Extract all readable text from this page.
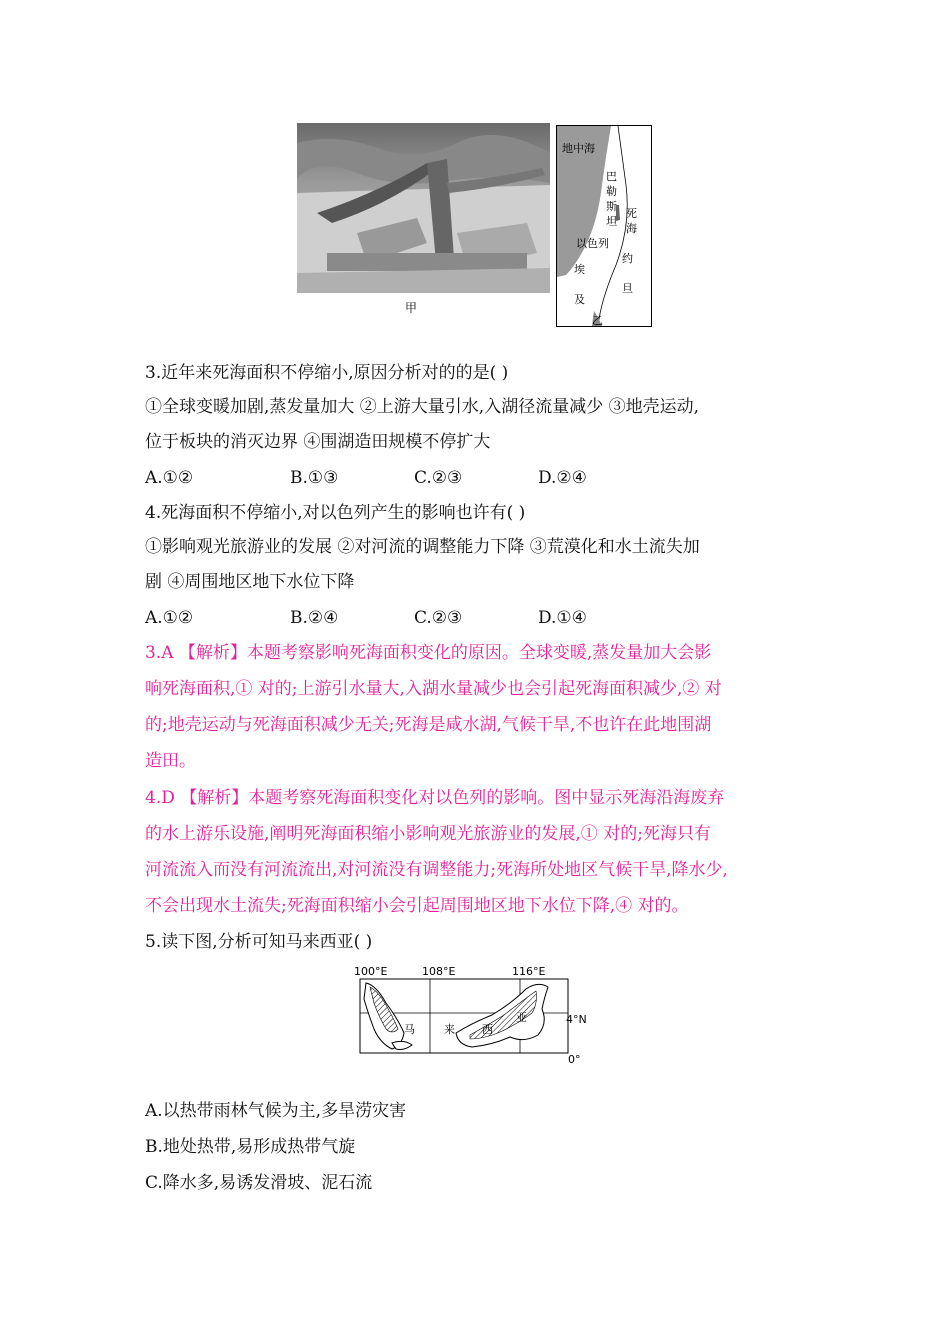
甲
地中海
巴
勒
斯
坦
死
海
以色列
埃
及
约
旦
乙
3.近年来死海面积不停缩小,原因分析对的的是( )
①全球变暖加剧,蒸发量加大 ②上游大量引水,入湖径流量减少 ③地壳运动,
位于板块的消灭边界 ④围湖造田规模不停扩大
A.①②	B.①③	C.②③	D.②④
4.死海面积不停缩小,对以色列产生的影响也许有( )
①影响观光旅游业的发展 ②对河流的调整能力下降 ③荒漠化和水土流失加
剧 ④周围地区地下水位下降
A.①②	B.②④	C.②③	D.①④
3.A 【解析】本题考察影响死海面积变化的原因。全球变暖,蒸发量加大会影
响死海面积,① 对的;上游引水量大,入湖水量减少也会引起死海面积减少,② 对
的;地壳运动与死海面积减少无关;死海是咸水湖,气候干旱,不也许在此地围湖
造田。
4.D 【解析】本题考察死海面积变化对以色列的影响。图中显示死海沿海废弃
的水上游乐设施,阐明死海面积缩小影响观光旅游业的发展,① 对的;死海只有
河流流入而没有河流流出,对河流没有调整能力;死海所处地区气候干旱,降水少,
不会出现水土流失;死海面积缩小会引起周围地区地下水位下降,④ 对的。
5.读下图,分析可知马来西亚( )
100°E	108°E	116°E
4°N
0°
马	来 西
亚
A.以热带雨林气候为主,多旱涝灾害
B.地处热带,易形成热带气旋
C.降水多,易诱发滑坡、泥石流
